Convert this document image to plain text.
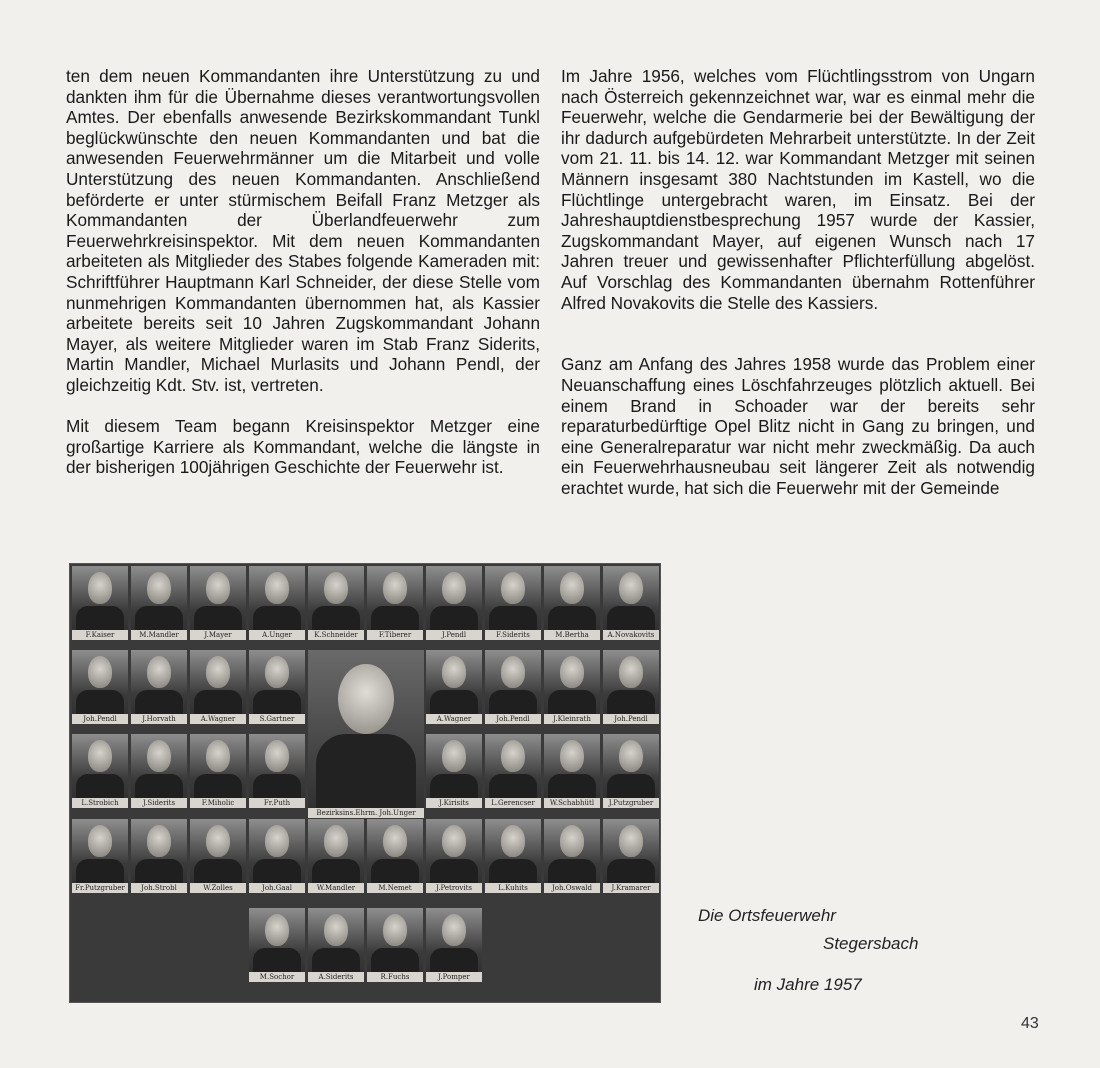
ten dem neuen Kommandanten ihre Unterstützung zu und dankten ihm für die Übernahme dieses verantwortungsvollen Amtes. Der ebenfalls anwesende Bezirkskommandant Tunkl beglückwünschte den neuen Kommandanten und bat die anwesenden Feuerwehrmänner um die Mitarbeit und volle Unterstützung des neuen Kommandanten. Anschließend beförderte er unter stürmischem Beifall Franz Metzger als Kommandanten der Überlandfeuerwehr zum Feuerwehrkreisinspektor. Mit dem neuen Kommandanten arbeiteten als Mitglieder des Stabes folgende Kameraden mit: Schriftführer Hauptmann Karl Schneider, der diese Stelle vom nunmehrigen Kommandanten übernommen hat, als Kassier arbeitete bereits seit 10 Jahren Zugskommandant Johann Mayer, als weitere Mitglieder waren im Stab Franz Siderits, Martin Mandler, Michael Murlasits und Johann Pendl, der gleichzeitig Kdt. Stv. ist, vertreten.

Mit diesem Team begann Kreisinspektor Metzger eine großartige Karriere als Kommandant, welche die längste in der bisherigen 100jährigen Geschichte der Feuerwehr ist.

Im Jahre 1956, welches vom Flüchtlingsstrom von Ungarn nach Österreich gekennzeichnet war, war es einmal mehr die Feuerwehr, welche die Gendarmerie bei der Bewältigung der ihr dadurch aufgebürdeten Mehrarbeit unterstützte. In der Zeit vom 21. 11. bis 14. 12. war Kommandant Metzger mit seinen Männern insgesamt 380 Nachtstunden im Kastell, wo die Flüchtlinge untergebracht waren, im Einsatz. Bei der Jahreshauptdienstbesprechung 1957 wurde der Kassier, Zugskommandant Mayer, auf eigenen Wunsch nach 17 Jahren treuer und gewissenhafter Pflichterfüllung abgelöst. Auf Vorschlag des Kommandanten übernahm Rottenführer Alfred Novakovits die Stelle des Kassiers.

Ganz am Anfang des Jahres 1958 wurde das Problem einer Neuanschaffung eines Löschfahrzeuges plötzlich aktuell. Bei einem Brand in Schoader war der bereits sehr reparaturbedürftige Opel Blitz nicht in Gang zu bringen, und eine Generalreparatur war nicht mehr zweckmäßig. Da auch ein Feuerwehrhausneubau seit längerer Zeit als notwendig erachtet wurde, hat sich die Feuerwehr mit der Gemeinde

F.Kaiser	M.Mandler	J.Mayer	A.Unger	K.Schneider	F.Tiberer	J.Pendl	F.Siderits	M.Bertha	A.Novakovits
Joh.Pendl	J.Horvath	A.Wagner	S.Gartner	A.Wagner	Joh.Pendl	J.Kleinrath	Joh.Pendl
L.Strobich	J.Siderits	F.Miholic	Fr.Puth	J.Kirisits	L.Gerencser	W.Schabhütl	J.Putzgruber
Fr.Putzgruber	Joh.Strobl	W.Zolles	Joh.Gaal	W.Mandler	M.Nemet	J.Petrovits	L.Kuhits	Joh.Oswald	J.Kramarer
M.Sochor	A.Siderits	R.Fuchs	J.Pomper
Bezirksins.Ehrm. Joh.Unger
Die Ortsfeuerwehr
Stegersbach
im Jahre 1957
43
